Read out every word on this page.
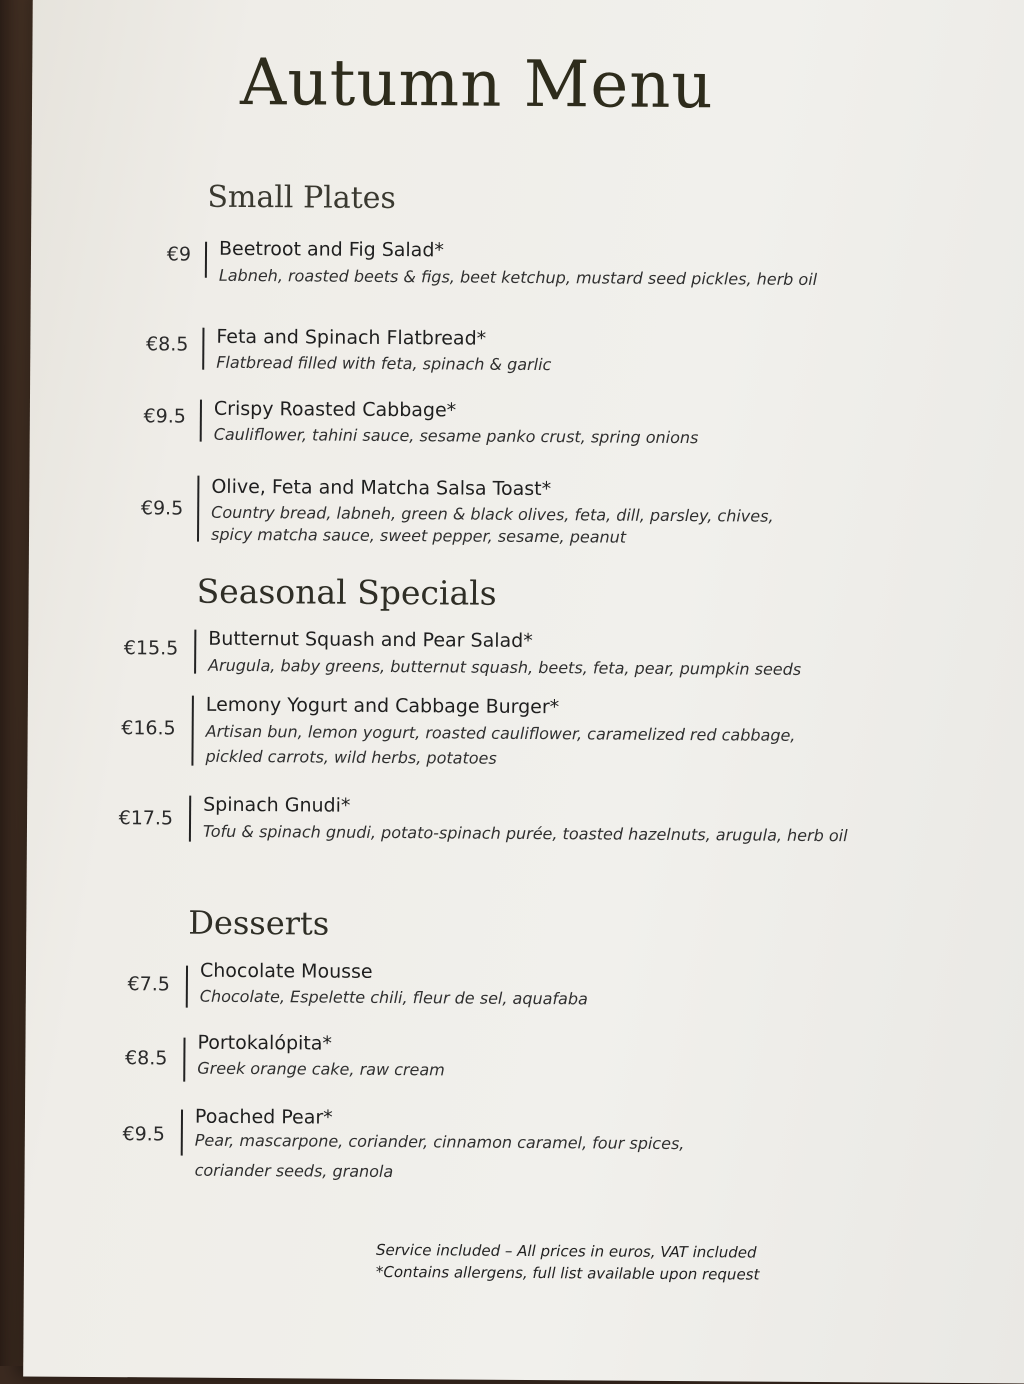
Autumn Menu
Small Plates
€9 Beetroot and Fig Salad*
Labneh, roasted beets & figs, beet ketchup, mustard seed pickles, herb oil
€8.5 Feta and Spinach Flatbread*
Flatbread filled with feta, spinach & garlic
€9.5 Crispy Roasted Cabbage*
Cauliflower, tahini sauce, sesame panko crust, spring onions
€9.5
Olive, Feta and Matcha Salsa Toast*
Country bread, labneh, green & black olives, feta, dill, parsley, chives,
spicy matcha sauce, sweet pepper, sesame, peanut
Seasonal Specials
€15.5 Butternut Squash and Pear Salad*
Arugula, baby greens, butternut squash, beets, feta, pear, pumpkin seeds
€16.5
Lemony Yogurt and Cabbage Burger*
Artisan bun, lemon yogurt, roasted cauliflower, caramelized red cabbage,
pickled carrots, wild herbs, potatoes
€17.5
Spinach Gnudi*
Tofu & spinach gnudi, potato-spinach purée, toasted hazelnuts, arugula, herb oil
Desserts
€7.5
Chocolate Mousse
Chocolate, Espelette chili, fleur de sel, aquafaba
€8.5
Portokalópita*
Greek orange cake, raw cream
€9.5
Poached Pear*
Pear, mascarpone, coriander, cinnamon caramel, four spices,
coriander seeds, granola
Service included – All prices in euros, VAT included
*Contains allergens, full list available upon request
